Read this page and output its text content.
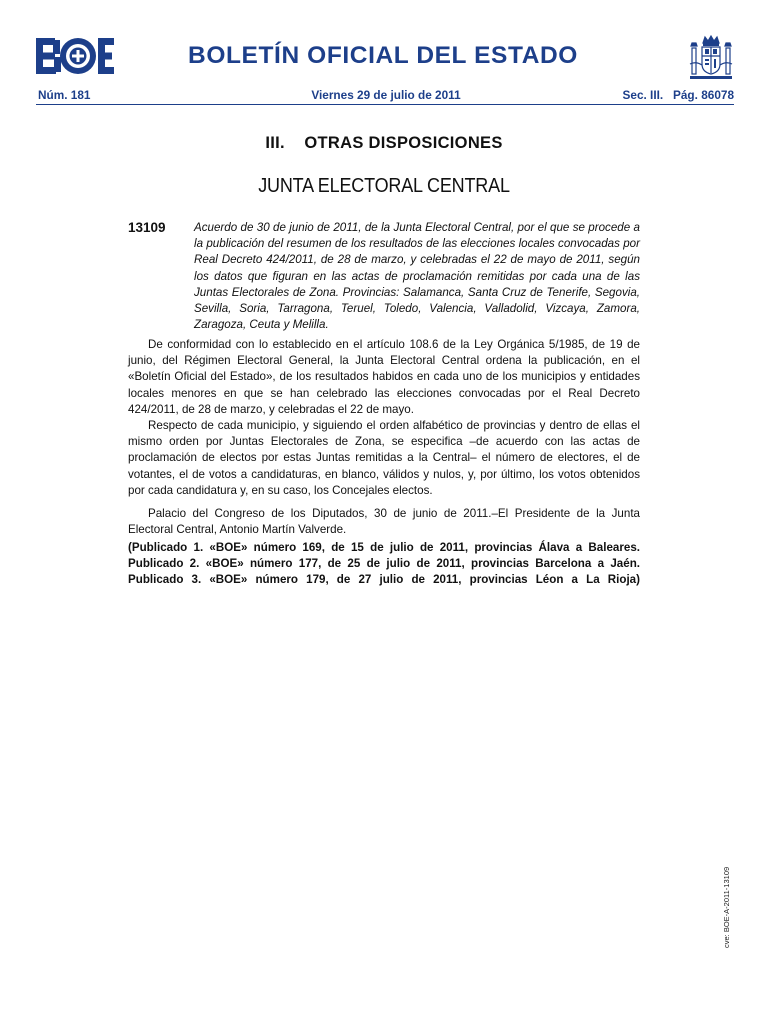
BOLETÍN OFICIAL DEL ESTADO
Núm. 181	Viernes 29 de julio de 2011	Sec. III.   Pág. 86078
III.    OTRAS DISPOSICIONES
JUNTA ELECTORAL CENTRAL
13109 Acuerdo de 30 de junio de 2011, de la Junta Electoral Central, por el que se procede a la publicación del resumen de los resultados de las elecciones locales convocadas por Real Decreto 424/2011, de 28 de marzo, y celebradas el 22 de mayo de 2011, según los datos que figuran en las actas de proclamación remitidas por cada una de las Juntas Electorales de Zona. Provincias: Salamanca, Santa Cruz de Tenerife, Segovia, Sevilla, Soria, Tarragona, Teruel, Toledo, Valencia, Valladolid, Vizcaya, Zamora, Zaragoza, Ceuta y Melilla.

De conformidad con lo establecido en el artículo 108.6 de la Ley Orgánica 5/1985, de 19 de junio, del Régimen Electoral General, la Junta Electoral Central ordena la publicación, en el «Boletín Oficial del Estado», de los resultados habidos en cada uno de los municipios y entidades locales menores en que se han celebrado las elecciones convocadas por el Real Decreto 424/2011, de 28 de marzo, y celebradas el 22 de mayo.

Respecto de cada municipio, y siguiendo el orden alfabético de provincias y dentro de ellas el mismo orden por Juntas Electorales de Zona, se especifica –de acuerdo con las actas de proclamación de electos por estas Juntas remitidas a la Central– el número de electores, el de votantes, el de votos a candidaturas, en blanco, válidos y nulos, y, por último, los votos obtenidos por cada candidatura y, en su caso, los Concejales electos.

Palacio del Congreso de los Diputados, 30 de junio de 2011.–El Presidente de la Junta Electoral Central, Antonio Martín Valverde.

(Publicado 1. «BOE» número 169, de 15 de julio de 2011, provincias Álava a Baleares.
Publicado 2. «BOE» número 177, de 25 de julio de 2011, provincias Barcelona a Jaén.
Publicado 3. «BOE» número 179, de 27 julio de 2011, provincias Léon a La Rioja)
cve: BOE-A-2011-13109
